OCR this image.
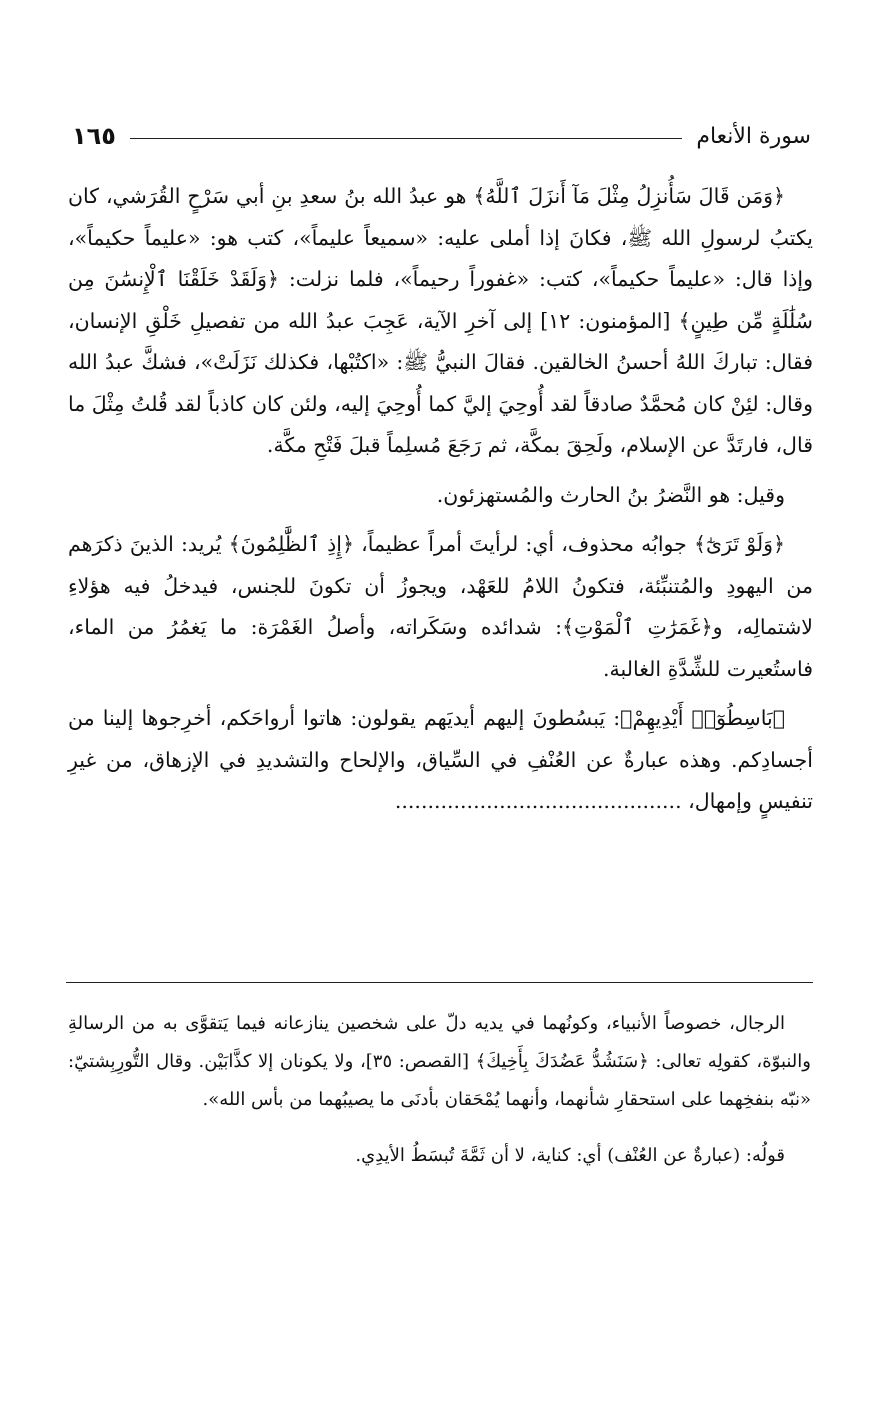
سورة الأنعام
١٦٥

﴿وَمَن قَالَ سَأُنزِلُ مِثْلَ مَآ أَنزَلَ ٱللَّهُ﴾ هو عبدُ الله بنُ سعدِ بنِ أبي سَرْحٍ القُرَشي، كان يكتبُ لرسولِ الله ﷺ، فكانَ إذا أملى عليه: «سميعاً عليماً»، كتب هو: «عليماً حكيماً»، وإذا قال: «عليماً حكيماً»، كتب: «غفوراً رحيماً»، فلما نزلت: ﴿وَلَقَدْ خَلَقْنَا ٱلْإِنسَٰنَ مِن سُلَٰلَةٍ مِّن طِينٍ﴾ [المؤمنون: ١٢] إلى آخرِ الآية، عَجِبَ عبدُ الله من تفصيلِ خَلْقِ الإنسان، فقال: تباركَ اللهُ أحسنُ الخالقين. فقالَ النبيُّ ﷺ: «اكتُبْها، فكذلك نَزَلَتْ»، فشكَّ عبدُ الله وقال: لئِنْ كان مُحمَّدٌ صادقاً لقد أُوحِيَ إليَّ كما أُوحِيَ إليه، ولئن كان كاذباً لقد قُلتُ مِثْلَ ما قال، فارتَدَّ عن الإسلام، ولَحِقَ بمكَّة، ثم رَجَعَ مُسلِماً قبلَ فَتْحِ مكَّة.

وقيل: هو النَّضرُ بنُ الحارث والمُستهزئون.

﴿وَلَوْ تَرَىٰٓ﴾ جوابُه محذوف، أي: لرأيتَ أمراً عظيماً، ﴿إِذِ ٱلظَّٰلِمُونَ﴾ يُريد: الذينَ ذكرَهم من اليهودِ والمُتنبِّئة، فتكونُ اللامُ للعَهْد، ويجوزُ أن تكونَ للجنس، فيدخلُ فيه هؤلاءِ لاشتمالِه، و﴿غَمَرَٰتِ ٱلْمَوْتِ﴾: شدائده وسَكَراته، وأصلُ الغَمْرَة: ما يَغمُرُ من الماء، فاستُعيرت للشِّدَّةِ الغالبة.

﴿بَاسِطُوٓا۟ أَيْدِيهِمْ﴾: يَبسُطونَ إليهم أيديَهم يقولون: هاتوا أرواحَكم، أخرِجوها إلينا من أجسادِكم. وهذه عبارةٌ عن العُنْفِ في السِّياق، والإلحاح والتشديدِ في الإزهاق، من غيرِ تنفيسٍ وإمهال، ............................................

الرجال، خصوصاً الأنبياء، وكونُهما في يديه دلّ على شخصين ينازعانه فيما يَتقوَّى به من الرسالةِ والنبوّة، كقولِه تعالى: ﴿سَنَشُدُّ عَضُدَكَ بِأَخِيكَ﴾ [القصص: ٣٥]، ولا يكونان إلا كذَّابَيْن. وقال التُّورِبِشتيّ: «نبّه بنفخِهما على استحقارِ شأنهما، وأنهما يُمْحَقان بأدنَى ما يصيبُهما من بأس الله».

قولُه: (عبارةٌ عن العُنْف) أي: كناية، لا أن ثَمَّةَ تُبسَطُ الأيدِي.
